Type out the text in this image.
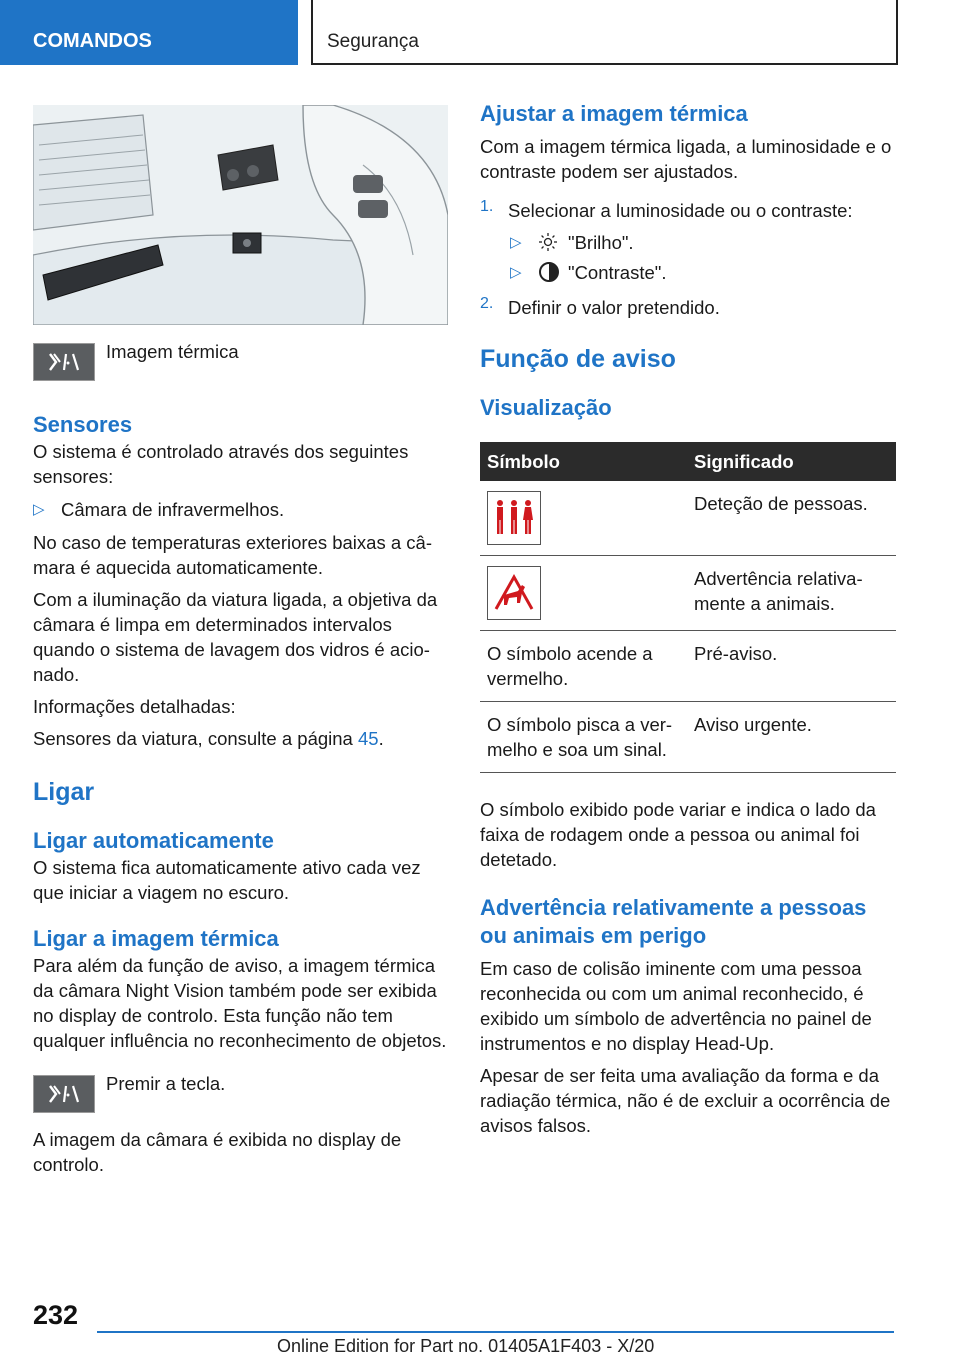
COMANDOS	Segurança

Imagem térmica

Sensores

O sistema é controlado através dos seguintes sensores:

▷ Câmara de infravermelhos.

No caso de temperaturas exteriores baixas a câmara é aquecida automaticamente.

Com a iluminação da viatura ligada, a objetiva da câmara é limpa em determinados intervalos quando o sistema de lavagem dos vidros é acionado.

Informações detalhadas:

Sensores da viatura, consulte a página 45.

Ligar
Ligar automaticamente

O sistema fica automaticamente ativo cada vez que iniciar a viagem no escuro.

Ligar a imagem térmica

Para além da função de aviso, a imagem térmica da câmara Night Vision também pode ser exibida no display de controlo. Esta função não tem qualquer influência no reconhecimento de objetos.

Premir a tecla.

A imagem da câmara é exibida no display de controlo.

Ajustar a imagem térmica

Com a imagem térmica ligada, a luminosidade e o contraste podem ser ajustados.

1. Selecionar a luminosidade ou o contraste:

▷	"Brilho".

▷	"Contraste".

2. Definir o valor pretendido.

Função de aviso
Visualização
Símbolo	Significado

	Deteção de pessoas.

	Advertência relativamente a animais.
O símbolo acende a vermelho.	Pré-aviso.
O símbolo pisca a vermelho e soa um sinal.	Aviso urgente.

O símbolo exibido pode variar e indica o lado da faixa de rodagem onde a pessoa ou animal foi detetado.

Advertência relativamente a pessoas ou animais em perigo

Em caso de colisão iminente com uma pessoa reconhecida ou com um animal reconhecido, é exibido um símbolo de advertência no painel de instrumentos e no display Head-Up.

Apesar de ser feita uma avaliação da forma e da radiação térmica, não é de excluir a ocorrência de avisos falsos.

232
Online Edition for Part no. 01405A1F403 - X/20
